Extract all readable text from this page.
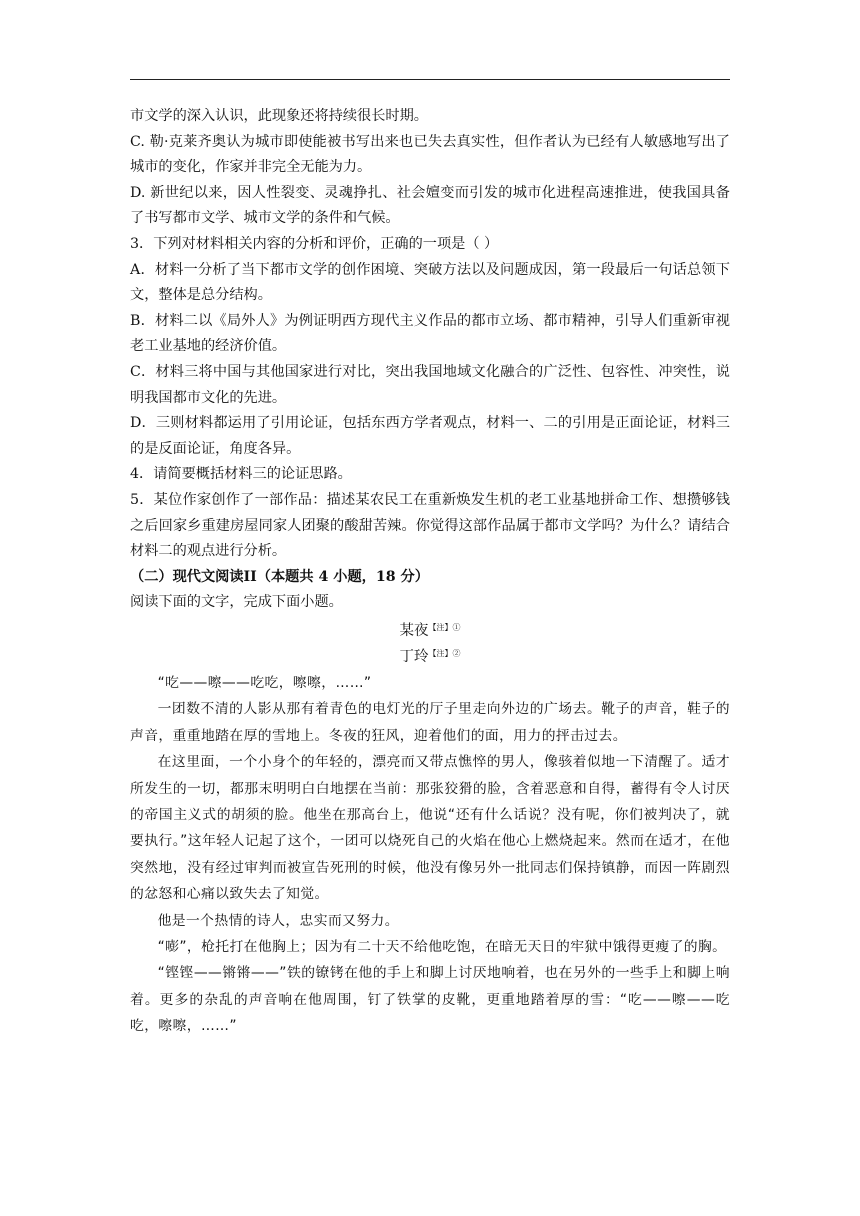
市文学的深入认识，此现象还将持续很长时期。

C. 勒·克莱齐奥认为城市即使能被书写出来也已失去真实性，但作者认为已经有人敏感地写出了城市的变化，作家并非完全无能为力。

D. 新世纪以来，因人性裂变、灵魂挣扎、社会嬗变而引发的城市化进程高速推进，使我国具备了书写都市文学、城市文学的条件和气候。

3．下列对材料相关内容的分析和评价，正确的一项是（ ）

A．材料一分析了当下都市文学的创作困境、突破方法以及问题成因，第一段最后一句话总领下文，整体是总分结构。

B．材料二以《局外人》为例证明西方现代主义作品的都市立场、都市精神，引导人们重新审视老工业基地的经济价值。

C．材料三将中国与其他国家进行对比，突出我国地域文化融合的广泛性、包容性、冲突性，说明我国都市文化的先进。

D．三则材料都运用了引用论证，包括东西方学者观点，材料一、二的引用是正面论证，材料三的是反面论证，角度各异。

4．请简要概括材料三的论证思路。

5．某位作家创作了一部作品：描述某农民工在重新焕发生机的老工业基地拼命工作、想攒够钱之后回家乡重建房屋同家人团聚的酸甜苦辣。你觉得这部作品属于都市文学吗？为什么？请结合材料二的观点进行分析。

（二）现代文阅读II（本题共 4 小题，18 分）

阅读下面的文字，完成下面小题。

某夜$^{【注】①}$

丁玲$^{【注】②}$

“吃——嚓——吃吃，嚓嚓，……”

一团数不清的人影从那有着青色的电灯光的厅子里走向外边的广场去。靴子的声音，鞋子的声音，重重地踏在厚的雪地上。冬夜的狂风，迎着他们的面，用力的抨击过去。

在这里面，一个小身个的年轻的，漂亮而又带点憔悴的男人，像骇着似地一下清醒了。适才所发生的一切，都那末明明白白地摆在当前：那张狡猾的脸，含着恶意和自得，蓄得有令人讨厌的帝国主义式的胡须的脸。他坐在那高台上，他说“还有什么话说？没有呢，你们被判决了，就要执行。”这年轻人记起了这个，一团可以烧死自己的火焰在他心上燃烧起来。然而在适才，在他突然地，没有经过审判而被宣告死刑的时候，他没有像另外一批同志们保持镇静，而因一阵剧烈的忿怒和心痛以致失去了知觉。

他是一个热情的诗人，忠实而又努力。

“嘭”，枪托打在他胸上；因为有二十天不给他吃饱，在暗无天日的牢狱中饿得更瘦了的胸。

“铿铿——锵锵——”铁的镣铐在他的手上和脚上讨厌地响着，也在另外的一些手上和脚上响着。更多的杂乱的声音响在他周围，钉了铁掌的皮靴，更重地踏着厚的雪：“吃——嚓——吃吃，嚓嚓，……”
